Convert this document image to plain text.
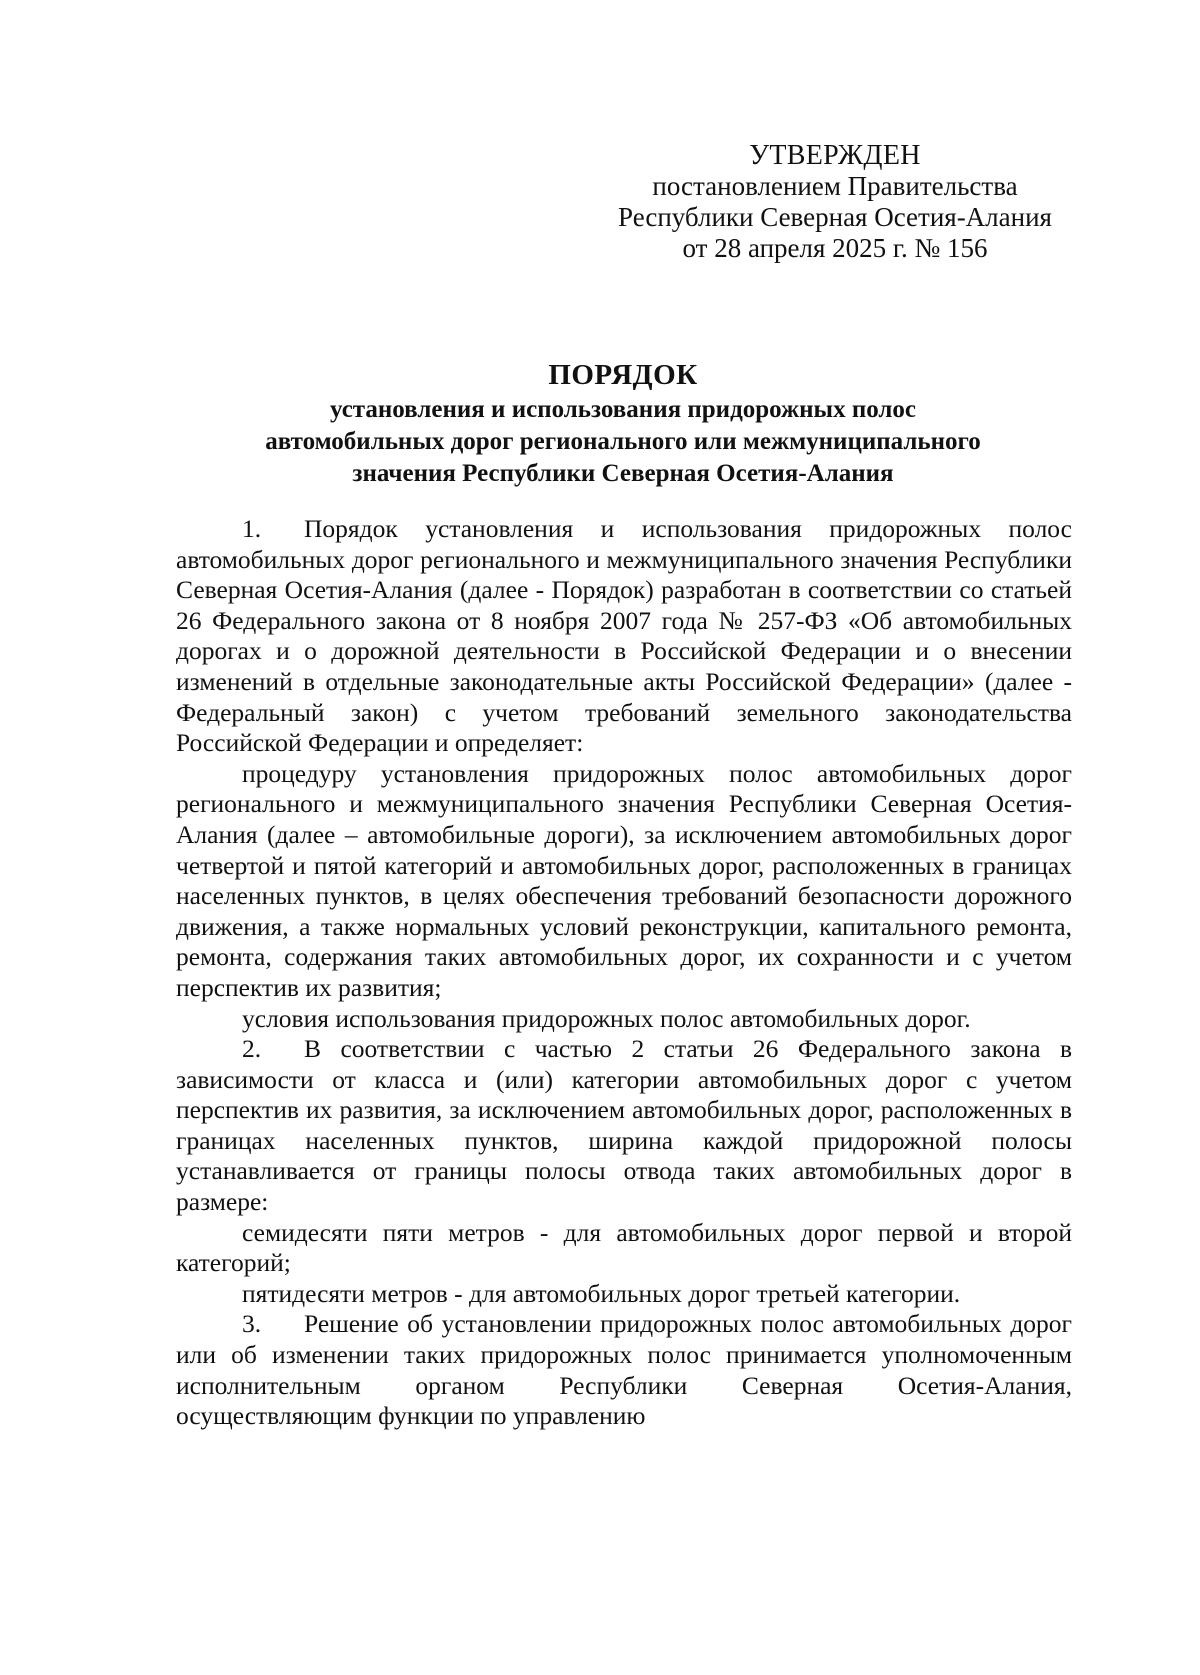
УТВЕРЖДЕН
постановлением Правительства
Республики Северная Осетия-Алания
от 28 апреля 2025 г. № 156
ПОРЯДОК
установления и использования придорожных полос
автомобильных дорог регионального или межмуниципального
значения Республики Северная Осетия-Алания

1. Порядок установления и использования придорожных полос автомобильных дорог регионального и межмуниципального значения Республики Северная Осетия-Алания (далее - Порядок) разработан в соответствии со статьей 26 Федерального закона от 8 ноября 2007 года № 257-ФЗ «Об автомобильных дорогах и о дорожной деятельности в Российской Федерации и о внесении изменений в отдельные законодательные акты Российской Федерации» (далее - Федеральный закон) с учетом требований земельного законодательства Российской Федерации и определяет:

процедуру установления придорожных полос автомобильных дорог регионального и межмуниципального значения Республики Северная Осетия-Алания (далее – автомобильные дороги), за исключением автомобильных дорог четвертой и пятой категорий и автомобильных дорог, расположенных в границах населенных пунктов, в целях обеспечения требований безопасности дорожного движения, а также нормальных условий реконструкции, капитального ремонта, ремонта, содержания таких автомобильных дорог, их сохранности и с учетом перспектив их развития;

условия использования придорожных полос автомобильных дорог.

2. В соответствии с частью 2 статьи 26 Федерального закона в зависимости от класса и (или) категории автомобильных дорог с учетом перспектив их развития, за исключением автомобильных дорог, расположенных в границах населенных пунктов, ширина каждой придорожной полосы устанавливается от границы полосы отвода таких автомобильных дорог в размере:

семидесяти пяти метров - для автомобильных дорог первой и второй категорий;

пятидесяти метров - для автомобильных дорог третьей категории.

3. Решение об установлении придорожных полос автомобильных дорог или об изменении таких придорожных полос принимается уполномоченным исполнительным органом Республики Северная Осетия-Алания, осуществляющим функции по управлению
